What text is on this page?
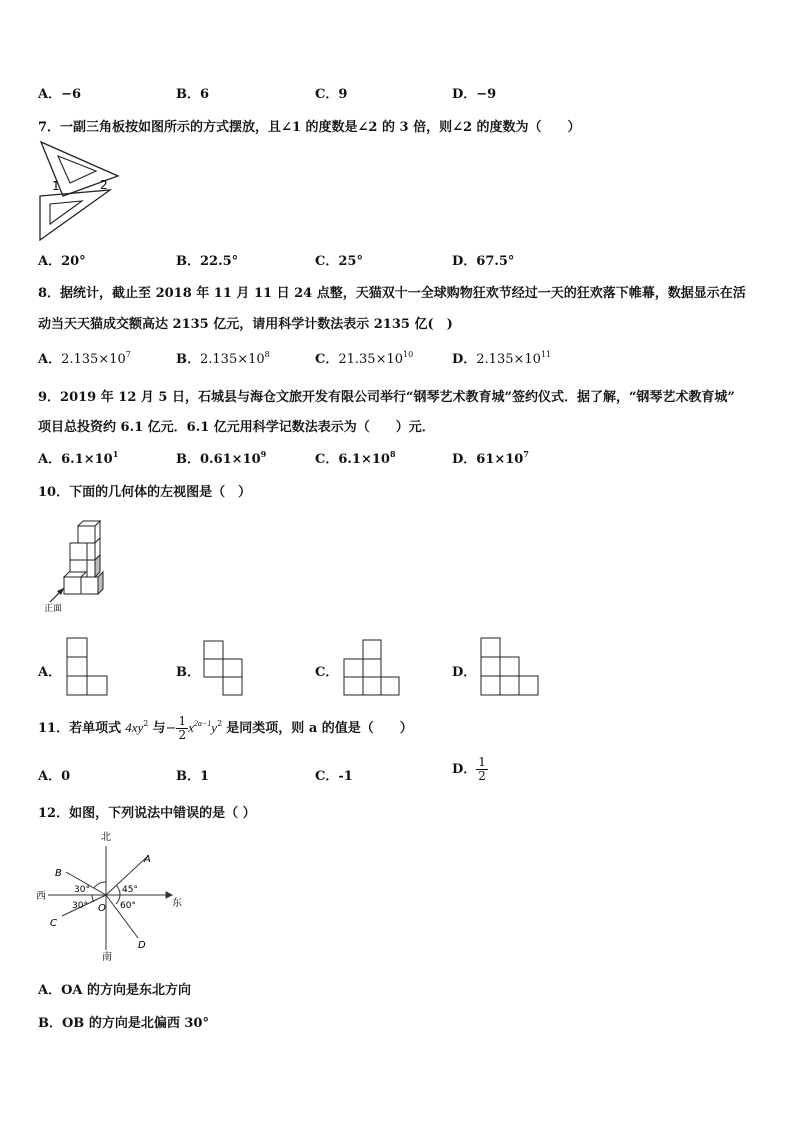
A．−6	B．6	C．9	D．−9
7．一副三角板按如图所示的方式摆放，且∠1 的度数是∠2 的 3 倍，则∠2 的度数为（　　）
1	2
A．20°	B．22.5°	C．25°	D．67.5°
8．据统计，截止至 2018 年 11 月 11 日 24 点整，天猫双十一全球购物狂欢节经过一天的狂欢落下帷幕，数据显示在活
动当天天猫成交额高达 2135 亿元，请用科学计数法表示 2135 亿(　)
A．$2.135\times 10^7$	B．$2.135\times 10^8$	C．$21.35\times 10^{10}$	D．$2.135\times 10^{11}$
9．2019 年 12 月 5 日，石城县与海仓文旅开发有限公司举行“钢琴艺术教育城”签约仪式．据了解，“钢琴艺术教育城”
项目总投资约 6.1 亿元．6.1 亿元用科学记数法表示为（　　）元．
A．$6.1\times 10^1$	B．$0.61\times 10^9$	C．$6.1\times 10^8$	D．$61\times 10^7$
10．下面的几何体的左视图是（　）
正面
A．	B．	C．	D．
11．若单项式 $4xy^2$ 与− $\frac{1}{2} x^{2a-1}y^2$ 是同类项，则 a 的值是（　　）
A．0	B．1	C．-1	D． $\frac{1}{2}$
12．如图，下列说法中错误的是（ ）
北
南
西
东
O
A
B
C
D
30°
30°
45°
60°
A．OA 的方向是东北方向
B．OB 的方向是北偏西 30°
